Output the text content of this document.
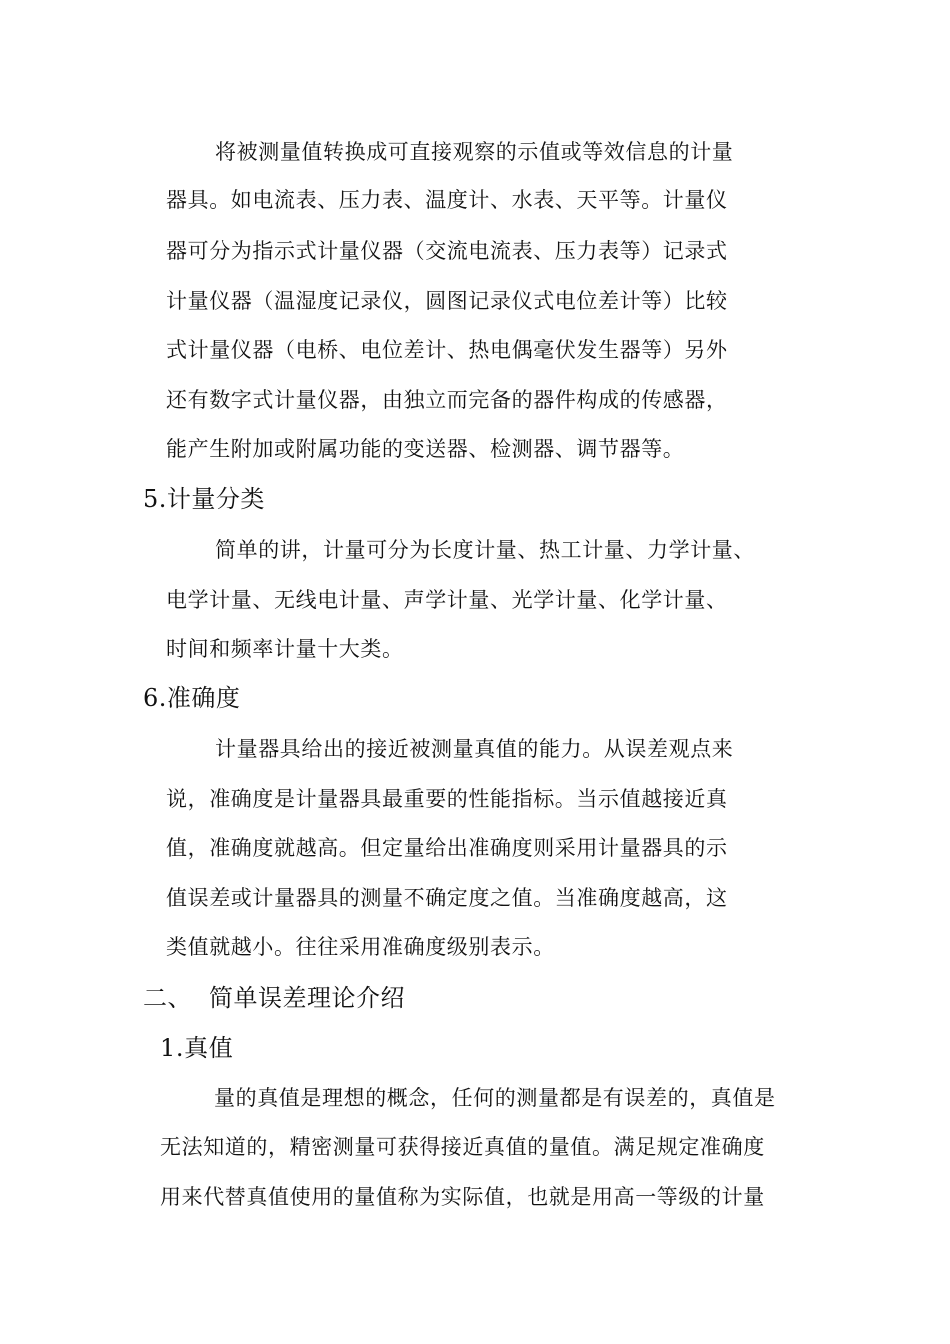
将被测量值转换成可直接观察的示值或等效信息的计量
器具。如电流表、压力表、温度计、水表、天平等。计量仪
器可分为指示式计量仪器（交流电流表、压力表等）记录式
计量仪器（温湿度记录仪，圆图记录仪式电位差计等）比较
式计量仪器（电桥、电位差计、热电偶毫伏发生器等）另外
还有数字式计量仪器，由独立而完备的器件构成的传感器，
能产生附加或附属功能的变送器、检测器、调节器等。
5.计量分类
简单的讲，计量可分为长度计量、热工计量、力学计量、
电学计量、无线电计量、声学计量、光学计量、化学计量、
时间和频率计量十大类。
6.准确度
计量器具给出的接近被测量真值的能力。从误差观点来
说，准确度是计量器具最重要的性能指标。当示值越接近真
值，准确度就越高。但定量给出准确度则采用计量器具的示
值误差或计量器具的测量不确定度之值。当准确度越高，这
类值就越小。往往采用准确度级别表示。
二、 简单误差理论介绍
1.真值
量的真值是理想的概念，任何的测量都是有误差的，真值是
无法知道的，精密测量可获得接近真值的量值。满足规定准确度
用来代替真值使用的量值称为实际值，也就是用高一等级的计量
